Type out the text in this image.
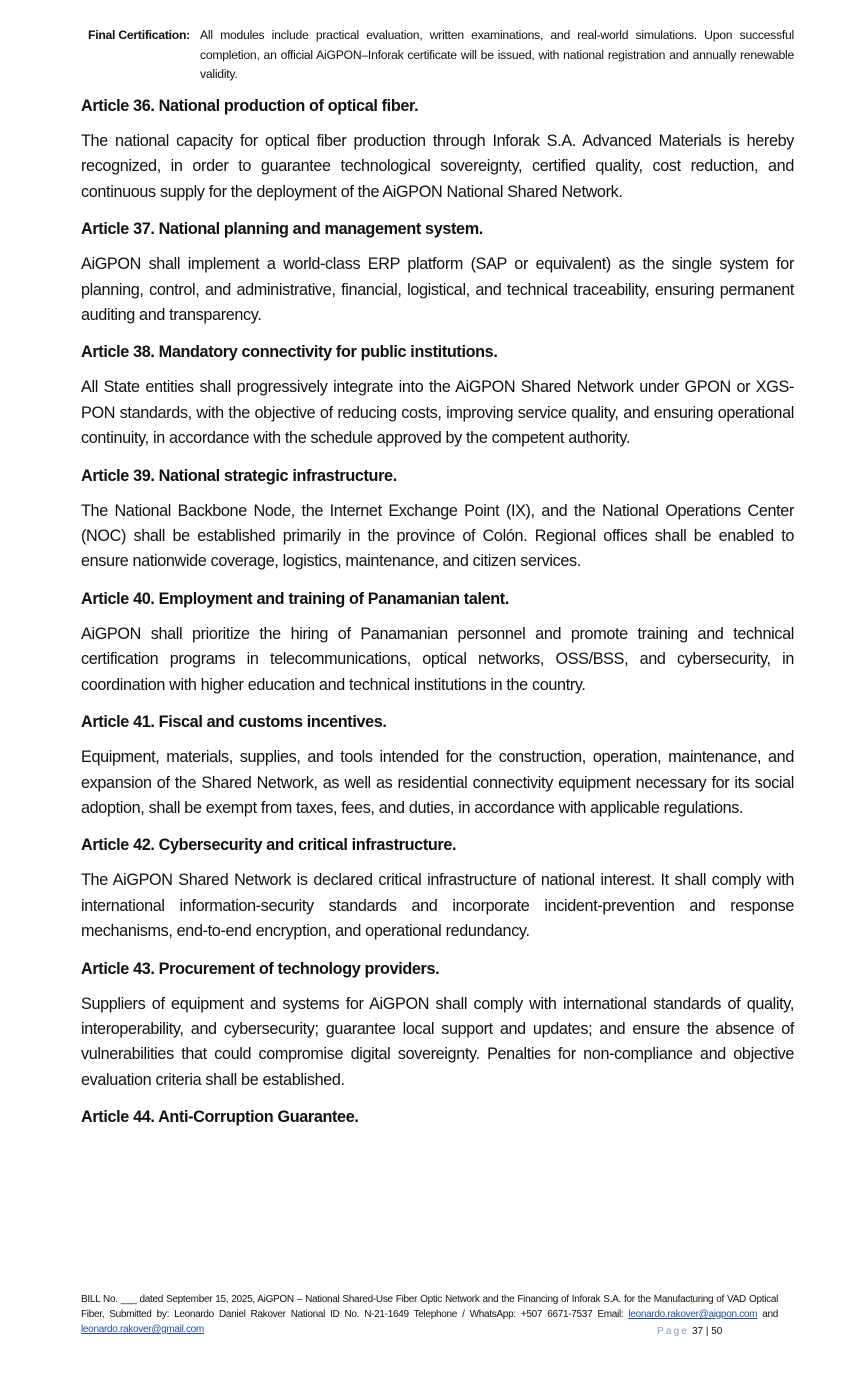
Final Certification: All modules include practical evaluation, written examinations, and real-world simulations. Upon successful completion, an official AiGPON–Inforak certificate will be issued, with national registration and annually renewable validity.
Article 36. National production of optical fiber.

The national capacity for optical fiber production through Inforak S.A. Advanced Materials is hereby recognized, in order to guarantee technological sovereignty, certified quality, cost reduction, and continuous supply for the deployment of the AiGPON National Shared Network.

Article 37. National planning and management system.

AiGPON shall implement a world-class ERP platform (SAP or equivalent) as the single system for planning, control, and administrative, financial, logistical, and technical traceability, ensuring permanent auditing and transparency.

Article 38. Mandatory connectivity for public institutions.

All State entities shall progressively integrate into the AiGPON Shared Network under GPON or XGS-PON standards, with the objective of reducing costs, improving service quality, and ensuring operational continuity, in accordance with the schedule approved by the competent authority.

Article 39. National strategic infrastructure.

The National Backbone Node, the Internet Exchange Point (IX), and the National Operations Center (NOC) shall be established primarily in the province of Colón. Regional offices shall be enabled to ensure nationwide coverage, logistics, maintenance, and citizen services.

Article 40. Employment and training of Panamanian talent.

AiGPON shall prioritize the hiring of Panamanian personnel and promote training and technical certification programs in telecommunications, optical networks, OSS/BSS, and cybersecurity, in coordination with higher education and technical institutions in the country.

Article 41. Fiscal and customs incentives.

Equipment, materials, supplies, and tools intended for the construction, operation, maintenance, and expansion of the Shared Network, as well as residential connectivity equipment necessary for its social adoption, shall be exempt from taxes, fees, and duties, in accordance with applicable regulations.

Article 42. Cybersecurity and critical infrastructure.

The AiGPON Shared Network is declared critical infrastructure of national interest. It shall comply with international information-security standards and incorporate incident-prevention and response mechanisms, end-to-end encryption, and operational redundancy.

Article 43. Procurement of technology providers.

Suppliers of equipment and systems for AiGPON shall comply with international standards of quality, interoperability, and cybersecurity; guarantee local support and updates; and ensure the absence of vulnerabilities that could compromise digital sovereignty. Penalties for non-compliance and objective evaluation criteria shall be established.

Article 44. Anti-Corruption Guarantee.
BILL No. ___ dated September 15, 2025, AiGPON – National Shared-Use Fiber Optic Network and the Financing of Inforak S.A. for the Manufacturing of VAD Optical Fiber, Submitted by: Leonardo Daniel Rakover National ID No. N-21-1649 Telephone / WhatsApp: +507 6671-7537 Email: leonardo.rakover@aigpon.com and leonardo.rakover@gmail.com	Page 37 | 50
